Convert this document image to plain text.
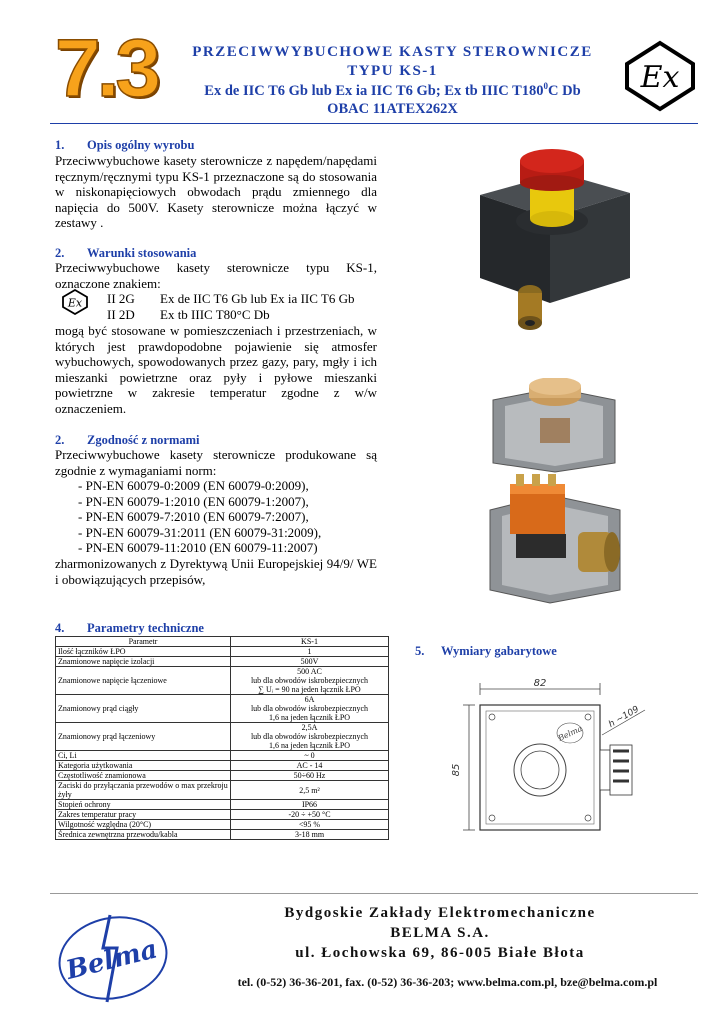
7.3	PRZECIWWYBUCHOWE KASTY STEROWNICZE
TYPU KS-1
Ex de IIC T6 Gb lub Ex ia IIC T6 Gb; Ex tb IIIC $T180^0C$ Db
OBAC 11ATEX262X
Ex
1. Opis ogólny wyrobu
Przeciwwybuchowe kasety sterownicze z napędem/napędami ręcznym/ręcznymi typu KS-1 przeznaczone są do stosowania w niskonapięciowych obwodach prądu zmiennego dla napięcia do 500V. Kasety sterownicze można łączyć w zestawy .
2. Warunki stosowania
Przeciwwybuchowe kasety sterownicze typu KS-1, oznaczone znakiem:
Ex II 2G Ex de IIC T6 Gb lub Ex ia IIC T6 Gb
II 2D Ex tb IIIC T80°C Db
mogą być stosowane w pomieszczeniach i przestrzeniach, w których jest prawdopodobne pojawienie się atmosfer wybuchowych, spowodowanych przez gazy, pary, mgły i ich mieszanki powietrzne oraz pyły i pyłowe mieszanki powietrzne w zakresie temperatur zgodne z w/w oznaczeniem.
2. Zgodność z normami
Przeciwwybuchowe kasety sterownicze produkowane są zgodnie z wymaganiami norm:
- PN-EN 60079-0:2009 (EN 60079-0:2009),
- PN-EN 60079-1:2010 (EN 60079-1:2007),
- PN-EN 60079-7:2010 (EN 60079-7:2007),
- PN-EN 60079-31:2011 (EN 60079-31:2009),
- PN-EN 60079-11:2010 (EN 60079-11:2007)
zharmonizowanych z Dyrektywą Unii Europejskiej 94/9/ WE i obowiązujących przepisów,
4. Parametry techniczne
Parametr	KS-1
Ilość łączników ŁPO	1
Znamionowe napięcie izolacji	500V
Znamionowe napięcie łączeniowe	500 AC
lub dla obwodów iskrobezpiecznych
∑ Uᵢ = 90 na jeden łącznik ŁPO
Znamionowy prąd ciągły	6A
lub dla obwodów iskrobezpiecznych
1,6 na jeden łącznik ŁPO
Znamionowy prąd łączeniowy	2,5A
lub dla obwodów iskrobezpiecznych
1,6 na jeden łącznik ŁPO
Ci, Li	~ 0
Kategoria użytkowania	AC - 14
Częstotliwość znamionowa	50÷60 Hz
Zaciski do przyłączania przewodów o max przekroju żyły	2,5 m²
Stopień ochrony	IP66
Zakres temperatur pracy	-20 ÷ +50 °C
Wilgotność względna (20°C)	<95 %
Średnica zewnętrzna przewodu/kabla	3-18 mm
5. Wymiary gabarytowe
82
85
Belma
h ~109
Belma
Bydgoskie Zakłady Elektromechaniczne
BELMA S.A.
ul. Łochowska 69, 86-005 Białe Błota
tel. (0-52) 36-36-201, fax. (0-52) 36-36-203; www.belma.com.pl, bze@belma.com.pl
